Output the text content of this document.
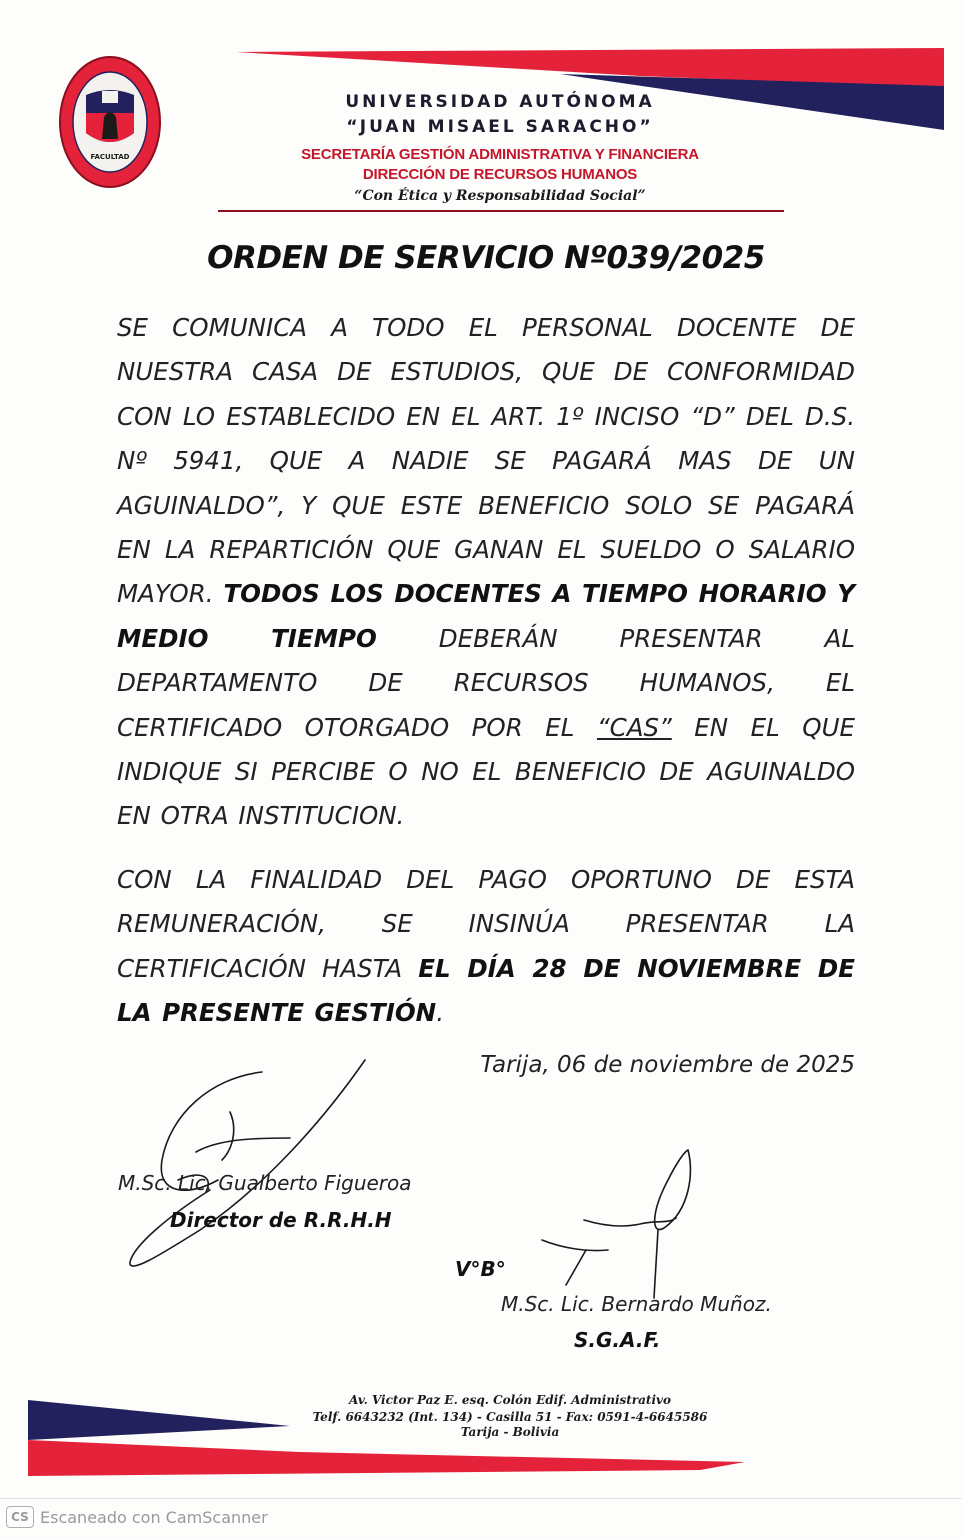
FACULTAD
UNIVERSIDAD AUTÓNOMA
“JUAN MISAEL SARACHO”
SECRETARÍA GESTIÓN ADMINISTRATIVA Y FINANCIERA
DIRECCIÓN DE RECURSOS HUMANOS
“Con Ética y Responsabilidad Social”
ORDEN DE SERVICIO Nº039/2025
SE COMUNICA A TODO EL PERSONAL DOCENTE DE NUESTRA CASA DE ESTUDIOS, QUE DE CONFORMIDAD CON LO ESTABLECIDO EN EL ART. 1º INCISO “D” DEL D.S. Nº 5941, QUE A NADIE SE PAGARÁ MAS DE UN AGUINALDO”, Y QUE ESTE BENEFICIO SOLO SE PAGARÁ EN LA REPARTICIÓN QUE GANAN EL SUELDO O SALARIO MAYOR. TODOS LOS DOCENTES A TIEMPO HORARIO Y MEDIO TIEMPO	DEBERÁN PRESENTAR AL DEPARTAMENTO DE RECURSOS HUMANOS, EL CERTIFICADO OTORGADO POR EL “CAS” EN EL QUE INDIQUE SI PERCIBE O NO EL BENEFICIO DE AGUINALDO EN OTRA INSTITUCION.
CON LA FINALIDAD DEL PAGO OPORTUNO DE ESTA REMUNERACIÓN, SE INSINÚA PRESENTAR LA CERTIFICACIÓN HASTA EL DÍA 28 DE NOVIEMBRE DE LA PRESENTE GESTIÓN.
Tarija, 06 de noviembre de 2025
M.Sc. Lic. Gualberto Figueroa
Director de R.R.H.H
V°B°
M.Sc. Lic. Bernardo Muñoz.
S.G.A.F.
Av. Victor Paz E. esq. Colón Edif. Administrativo
Telf. 6643232 (Int. 134) - Casilla 51 - Fax: 0591-4-6645586
Tarija - Bolivia
CS Escaneado con CamScanner
